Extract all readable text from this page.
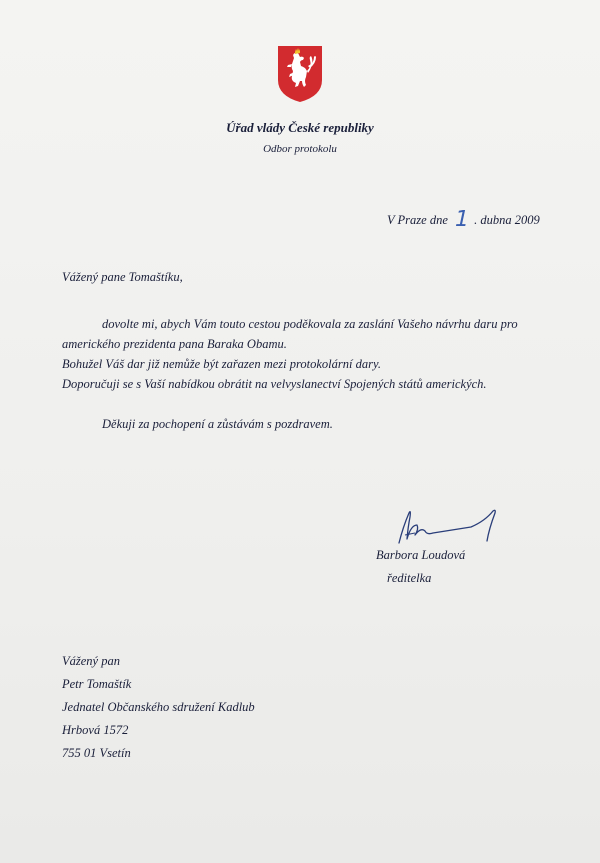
Úřad vlády České republiky
Odbor protokolu
V Praze dne 1 . dubna 2009
Vážený pane Tomaštíku,
dovolte mi, abych Vám touto cestou poděkovala za zaslání Vašeho návrhu daru pro
amerického prezidenta pana Baraka Obamu.
Bohužel Váš dar již nemůže být zařazen mezi protokolární dary.
Doporučuji se s Vaší nabídkou obrátit na velvyslanectví Spojených států amerických.
Děkuji za pochopení a zůstávám s pozdravem.
Barbora Loudová
ředitelka
Vážený pan
Petr Tomaštík
Jednatel Občanského sdružení Kadlub
Hrbová 1572
755 01 Vsetín
